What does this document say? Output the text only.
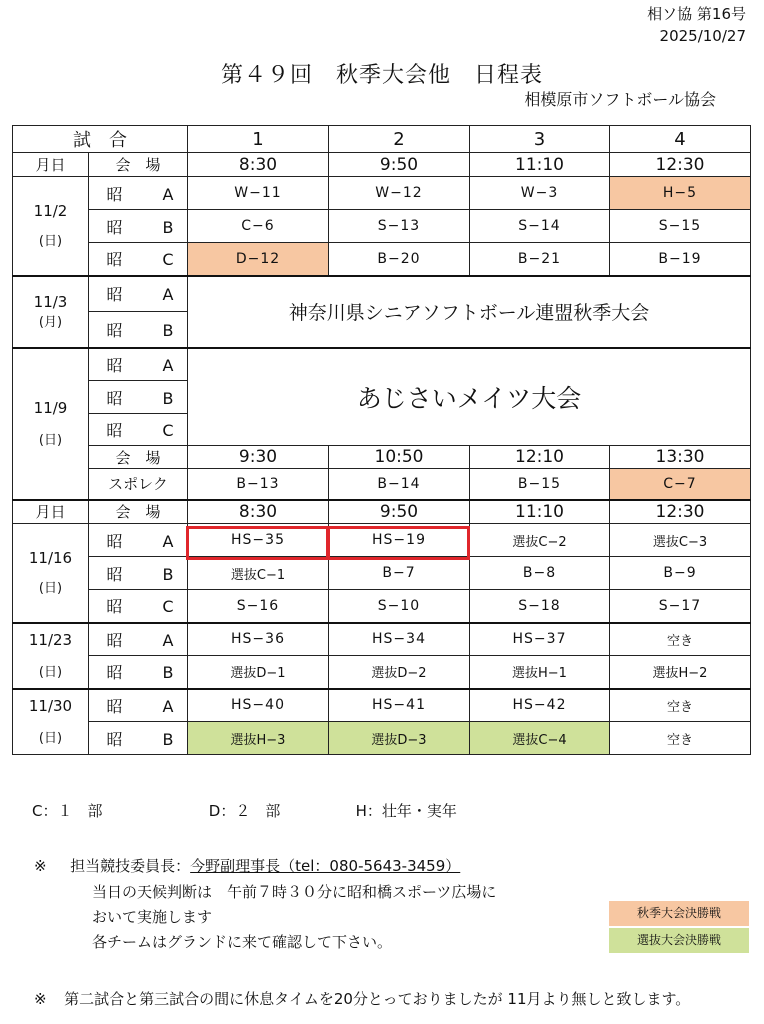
相ソ協 第16号
2025/10/27
第４９回　秋季大会他　日程表
相模原市ソフトボール協会
試　合		1	2	3	4
月日	会　場	8:30	9:50	11:10	12:30

11/2
(日)	昭 A	W−11	W−12	W−3	H−5
	昭 B	C−6	S−13	S−14	S−15
	昭 C	D−12	B−20	B−21	B−19

11/3
(月)	昭 A	神奈川県シニアソフトボール連盟秋季大会			
	昭 B				

11/9
(日)	昭 A	あじさいメイツ大会			
	昭 B				
	昭 C				
	会　場	9:30	10:50	12:10	13:30
	スポレク	B−13	B−14	B−15	C−7
月日	会　場	8:30	9:50	11:10	12:30

11/16
(日)	昭 A	HS−35	HS−19	選抜C−2	選抜C−3
	昭 B	選抜C−1	B−7	B−8	B−9
	昭 C	S−16	S−10	S−18	S−17

11/23
(日)	昭 A	HS−36	HS−34	HS−37	空き
	昭 B	選抜D−1	選抜D−2	選抜H−1	選抜H−2

11/30
(日)	昭 A	HS−40	HS−41	HS−42	空き
	昭 B	選抜H−3	選抜D−3	選抜C−4	空き
C：１　部	D：２　部	H：壮年・実年
※ 担当競技委員長：今野副理事長（tel：080-5643-3459）
当日の天候判断は　午前７時３０分に昭和橋スポーツ広場に
おいて実施します
各チームはグランドに来て確認して下さい。
秋季大会決勝戦
選抜大会決勝戦
※ 第二試合と第三試合の間に休息タイムを20分とっておりましたが 11月より無しと致します。
